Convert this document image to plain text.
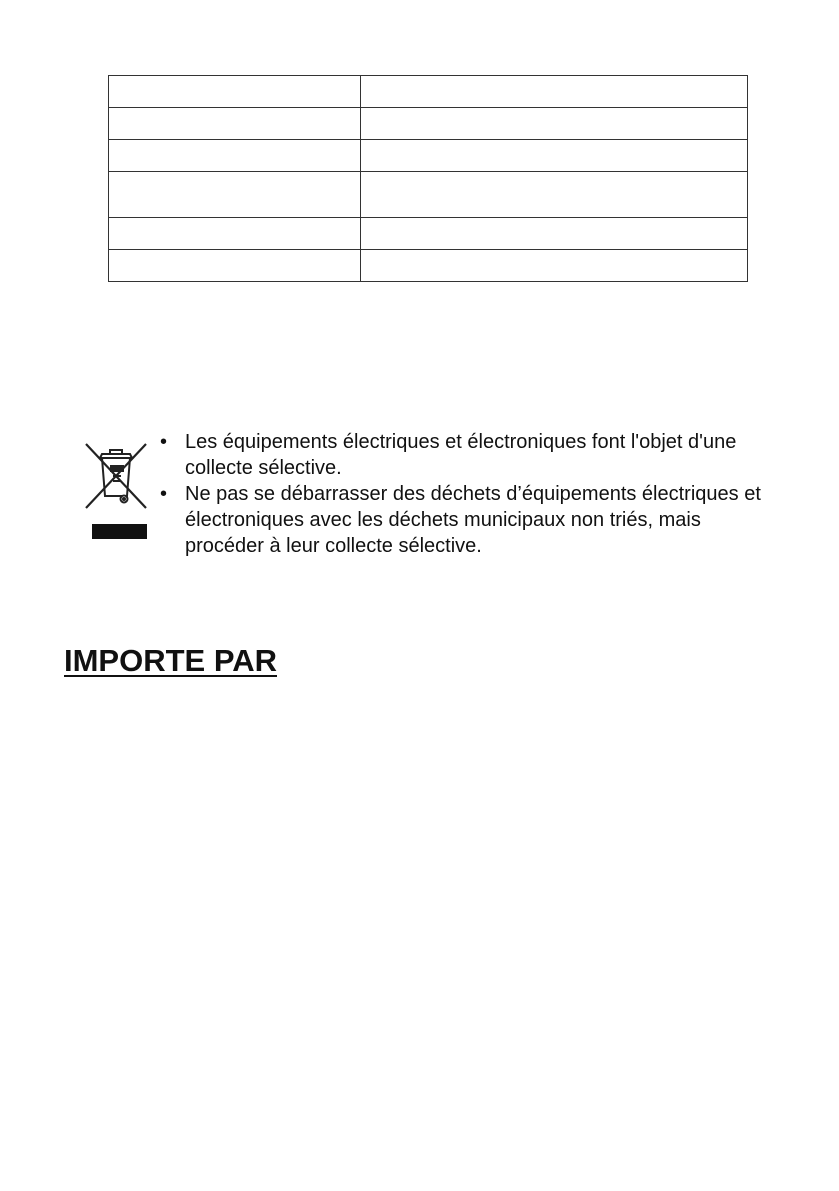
• Les équipements électriques et électroniques font l'objet d'une collecte sélective.
• Ne pas se débarrasser des déchets d’équipements électriques et électroniques avec les déchets municipaux non triés, mais procéder à leur collecte sélective.
IMPORTE PAR
